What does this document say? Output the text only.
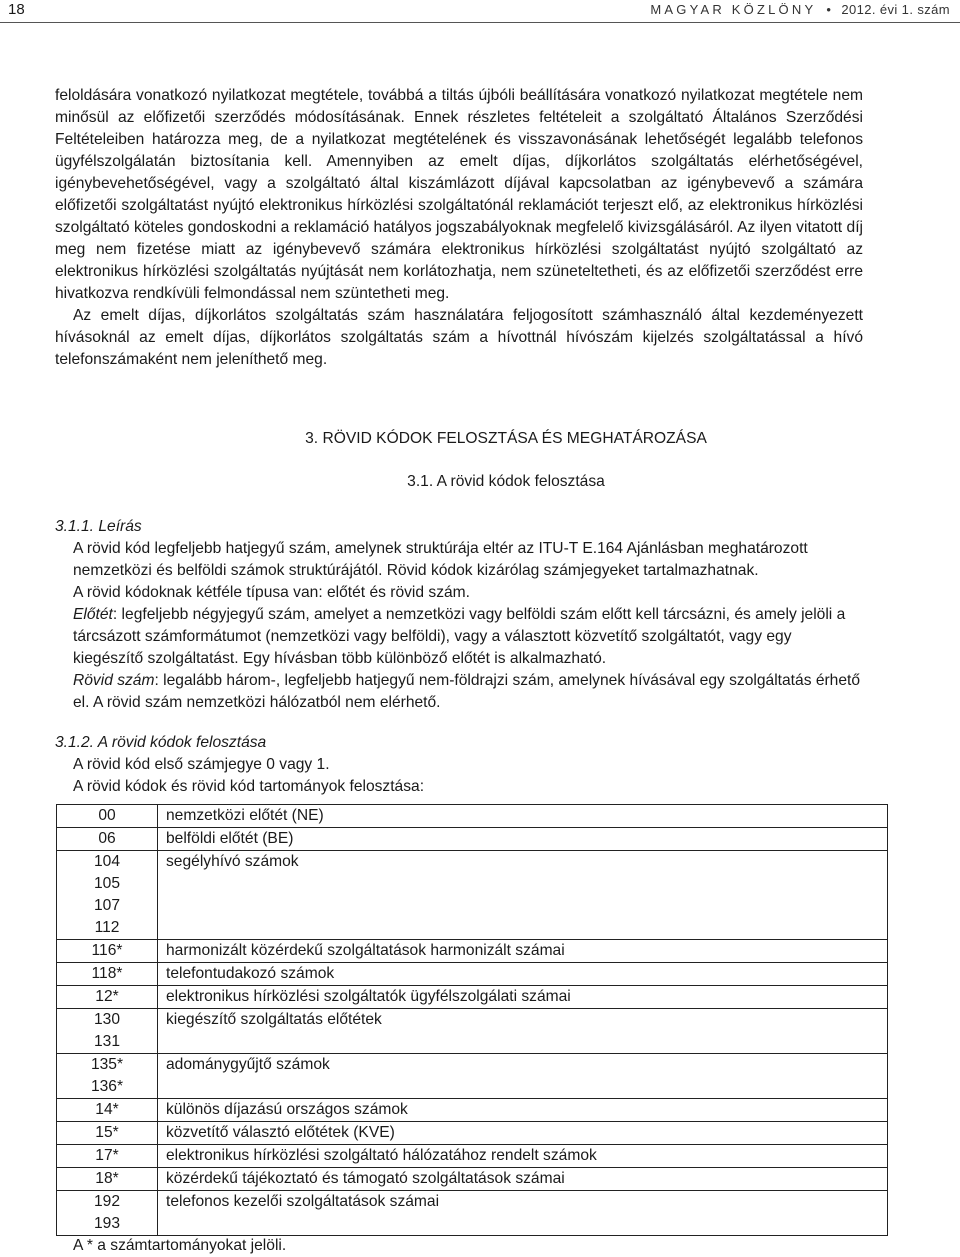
18	MAGYAR KÖZLÖNY • 2012. évi 1. szám

feloldására vonatkozó nyilatkozat megtétele, továbbá a tiltás újbóli beállítására vonatkozó nyilatkozat megtétele nem minősül az előfizetői szerződés módosításának. Ennek részletes feltételeit a szolgáltató Általános Szerződési Feltételeiben határozza meg, de a nyilatkozat megtételének és visszavonásának lehetőségét legalább telefonos ügyfélszolgálatán biztosítania kell. Amennyiben az emelt díjas, díjkorlátos szolgáltatás elérhetőségével, igénybevehetőségével, vagy a szolgáltató által kiszámlázott díjával kapcsolatban az igénybevevő a számára előfizetői szolgáltatást nyújtó elektronikus hírközlési szolgáltatónál reklamációt terjeszt elő, az elektronikus hírközlési szolgáltató köteles gondoskodni a reklamáció hatályos jogszabályoknak megfelelő kivizsgálásáról. Az ilyen vitatott díj meg nem fizetése miatt az igénybevevő számára elektronikus hírközlési szolgáltatást nyújtó szolgáltató az elektronikus hírközlési szolgáltatás nyújtását nem korlátozhatja, nem szüneteltetheti, és az előfizetői szerződést erre hivatkozva rendkívüli felmondással nem szüntetheti meg.

Az emelt díjas, díjkorlátos szolgáltatás szám használatára feljogosított számhasználó által kezdeményezett hívásoknál az emelt díjas, díjkorlátos szolgáltatás szám a hívottnál hívószám kijelzés szolgáltatással a hívó telefonszámaként nem jeleníthető meg.

3. RÖVID KÓDOK FELOSZTÁSA ÉS MEGHATÁROZÁSA
3.1. A rövid kódok felosztása
3.1.1. Leírás

A rövid kód legfeljebb hatjegyű szám, amelynek struktúrája eltér az ITU-T E.164 Ajánlásban meghatározott nemzetközi és belföldi számok struktúrájától. Rövid kódok kizárólag számjegyeket tartalmazhatnak.

A rövid kódoknak kétféle típusa van: előtét és rövid szám.

Előtét: legfeljebb négyjegyű szám, amelyet a nemzetközi vagy belföldi szám előtt kell tárcsázni, és amely jelöli a tárcsázott számformátumot (nemzetközi vagy belföldi), vagy a választott közvetítő szolgáltatót, vagy egy kiegészítő szolgáltatást. Egy hívásban több különböző előtét is alkalmazható.

Rövid szám: legalább három-, legfeljebb hatjegyű nem-földrajzi szám, amelynek hívásával egy szolgáltatás érhető el. A rövid szám nemzetközi hálózatból nem elérhető.

3.1.2. A rövid kódok felosztása

A rövid kód első számjegye 0 vagy 1.

A rövid kódok és rövid kód tartományok felosztása:

00	nemzetközi előtét (NE)
06	belföldi előtét (BE)
104	segélyhívó számok
105	
107	
112	
116*	harmonizált közérdekű szolgáltatások harmonizált számai
118*	telefontudakozó számok
12*	elektronikus hírközlési szolgáltatók ügyfélszolgálati számai
130	kiegészítő szolgáltatás előtétek
131	
135*	adománygyűjtő számok
136*	
14*	különös díjazású országos számok
15*	közvetítő választó előtétek (KVE)
17*	elektronikus hírközlési szolgáltató hálózatához rendelt számok
18*	közérdekű tájékoztató és támogató szolgáltatások számai
192	telefonos kezelői szolgáltatások számai
193	
A * a számtartományokat jelöli.
